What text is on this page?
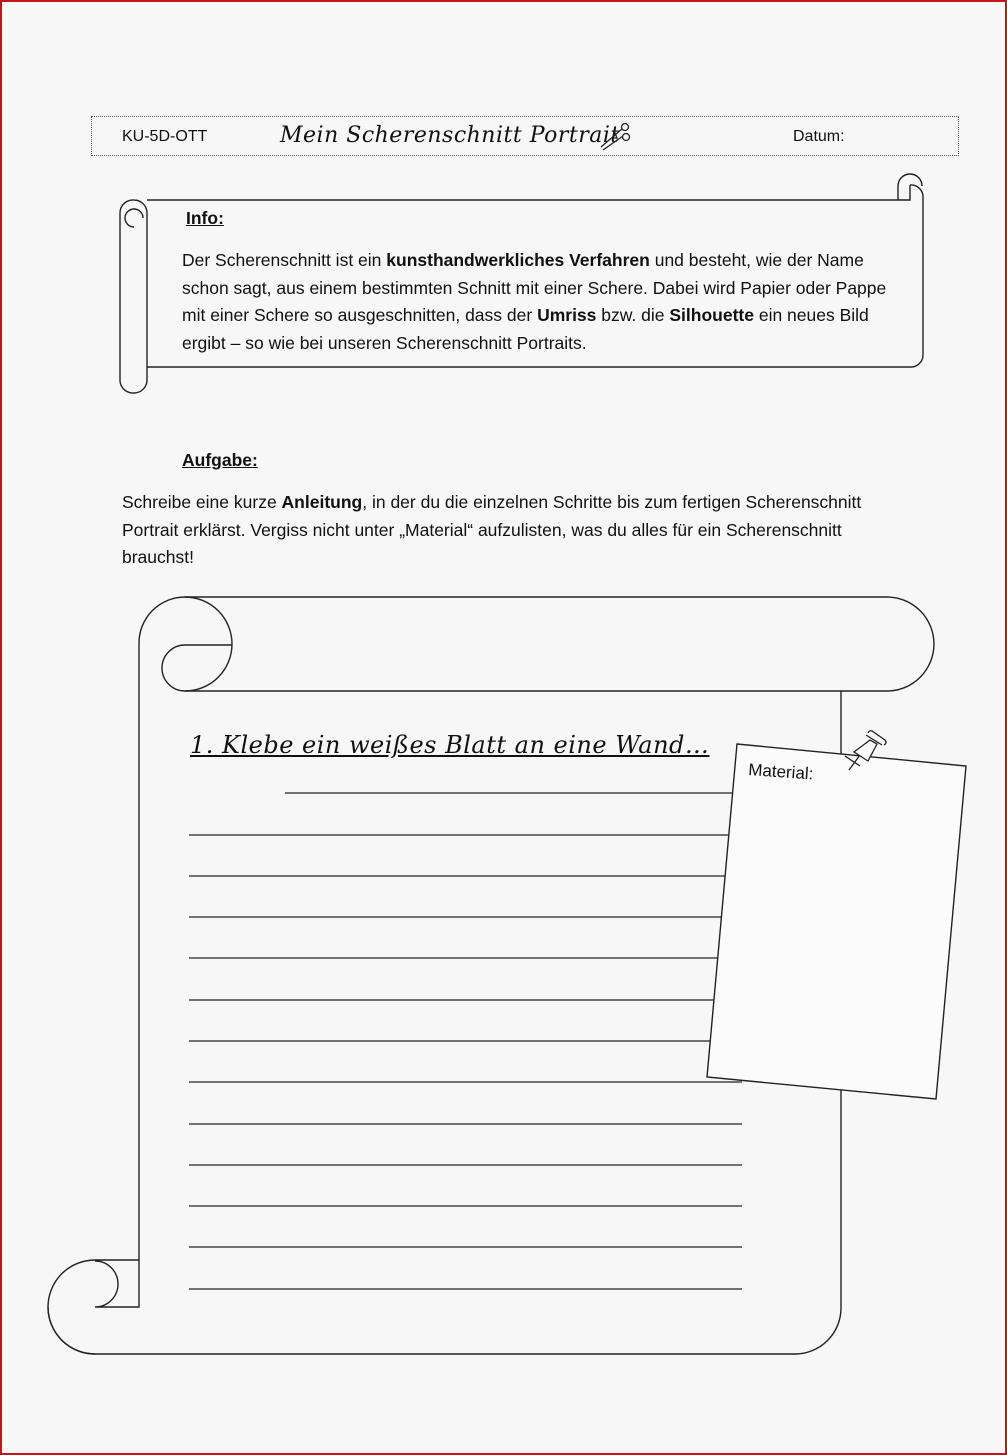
KU-5D-OTT	Mein Scherenschnitt Portrait	Datum:
Info:
Der Scherenschnitt ist ein kunsthandwerkliches Verfahren und besteht, wie der Name schon sagt, aus einem bestimmten Schnitt mit einer Schere. Dabei wird Papier oder Pappe mit einer Schere so ausgeschnitten, dass der Umriss bzw. die Silhouette ein neues Bild ergibt – so wie bei unseren Scherenschnitt Portraits.
Aufgabe:
Schreibe eine kurze Anleitung, in der du die einzelnen Schritte bis zum fertigen Scherenschnitt Portrait erklärst. Vergiss nicht unter „Material“ aufzulisten, was du alles für ein Scherenschnitt brauchst!
1. Klebe ein weißes Blatt an eine Wand…
Material:
